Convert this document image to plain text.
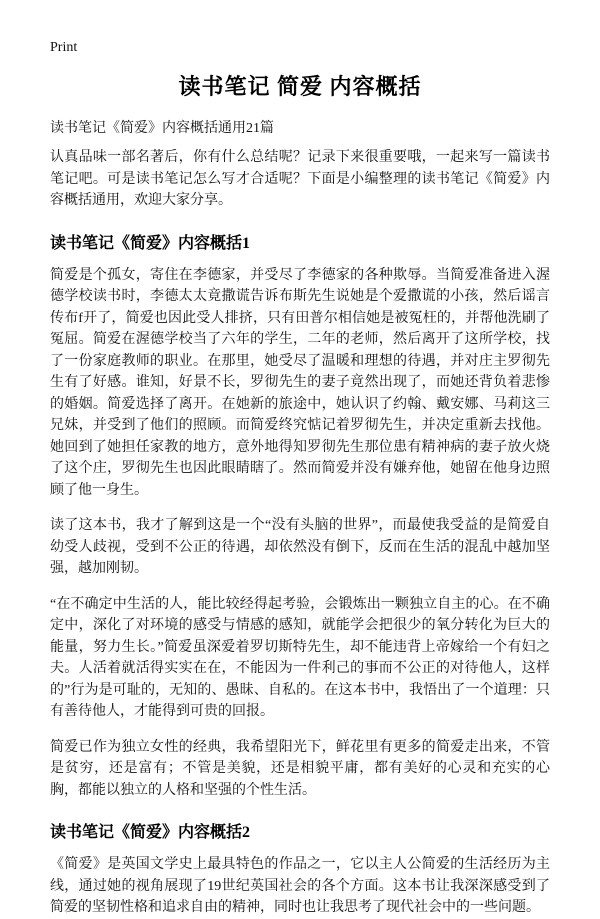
Print
读书笔记 简爱 内容概括

读书笔记《简爱》内容概括通用21篇

认真品味一部名著后，你有什么总结呢？记录下来很重要哦，一起来写一篇读书笔记吧。可是读书笔记怎么写才合适呢？下面是小编整理的读书笔记《简爱》内容概括通用，欢迎大家分享。

读书笔记《简爱》内容概括1

简爱是个孤女，寄住在李德家，并受尽了李德家的各种欺辱。当简爱准备进入渥德学校读书时，李德太太竟撒谎告诉布斯先生说她是个爱撒谎的小孩，然后谣言传布f开了，简爱也因此受人排挤，只有田普尔相信她是被冤枉的，并帮他洗刷了冤屈。简爱在渥德学校当了六年的学生，二年的老师，然后离开了这所学校，找了一份家庭教师的职业。在那里，她受尽了温暖和理想的待遇，并对庄主罗彻先生有了好感。谁知，好景不长，罗彻先生的妻子竟然出现了，而她还背负着悲惨的婚姻。简爱选择了离开。在她新的旅途中，她认识了约翰、戴安娜、马莉这三兄妹，并受到了他们的照顾。而简爱终究惦记着罗彻先生，并决定重新去找他。她回到了她担任家教的地方，意外地得知罗彻先生那位患有精神病的妻子放火烧了这个庄，罗彻先生也因此眼睛瞎了。然而简爱并没有嫌弃他，她留在他身边照顾了他一身生。

读了这本书，我才了解到这是一个“没有头脑的世界”，而最使我受益的是简爱自幼受人歧视，受到不公正的待遇，却依然没有倒下，反而在生活的混乱中越加坚强，越加刚韧。

“在不确定中生活的人，能比较经得起考验，会锻炼出一颗独立自主的心。在不确定中，深化了对环境的感受与情感的感知，就能学会把很少的氧分转化为巨大的能量，努力生长。”简爱虽深爱着罗切斯特先生，却不能违背上帝嫁给一个有妇之夫。人活着就活得实实在在，不能因为一件利己的事而不公正的对待他人，这样的”行为是可耻的，无知的、愚昧、自私的。在这本书中，我悟出了一个道理：只有善待他人，才能得到可贵的回报。

简爱已作为独立女性的经典，我希望阳光下，鲜花里有更多的简爱走出来，不管是贫穷，还是富有；不管是美貌，还是相貌平庸，都有美好的心灵和充实的心胸，都能以独立的人格和坚强的个性生活。

读书笔记《简爱》内容概括2

《简爱》是英国文学史上最具特色的作品之一，它以主人公简爱的生活经历为主线，通过她的视角展现了19世纪英国社会的各个方面。这本书让我深深感受到了简爱的坚韧性格和追求自由的精神，同时也让我思考了现代社会中的一些问题。
